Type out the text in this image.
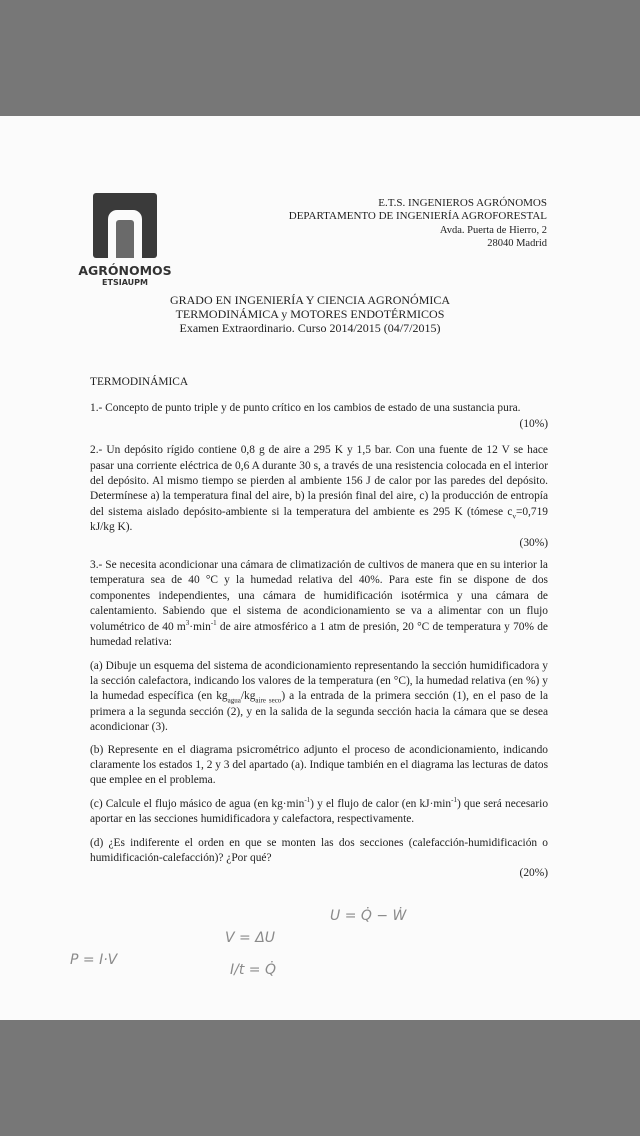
AGRÓNOMOS
ETSIAUPM
E.T.S. INGENIEROS AGRÓNOMOS
DEPARTAMENTO DE INGENIERÍA AGROFORESTAL
Avda. Puerta de Hierro, 2
28040 Madrid
GRADO EN INGENIERÍA Y CIENCIA AGRONÓMICA
TERMODINÁMICA y MOTORES ENDOTÉRMICOS
Examen Extraordinario. Curso 2014/2015 (04/7/2015)
TERMODINÁMICA
1.- Concepto de punto triple y de punto crítico en los cambios de estado de una sustancia pura.
(10%)
2.- Un depósito rígido contiene 0,8 g de aire a 295 K y 1,5 bar. Con una fuente de 12 V se hace pasar una corriente eléctrica de 0,6 A durante 30 s, a través de una resistencia colocada en el interior del depósito. Al mismo tiempo se pierden al ambiente 156 J de calor por las paredes del depósito. Determínese a) la temperatura final del aire, b) la presión final del aire, c) la producción de entropía del sistema aislado depósito-ambiente si la temperatura del ambiente es 295 K (tómese $c_v=0,719$ kJ/kg K).
(30%)
3.- Se necesita acondicionar una cámara de climatización de cultivos de manera que en su interior la temperatura sea de 40 °C y la humedad relativa del 40%. Para este fin se dispone de dos componentes independientes, una cámara de humidificación isotérmica y una cámara de calentamiento. Sabiendo que el sistema de acondicionamiento se va a alimentar con un flujo volumétrico de 40 $m^3\cdot\min^{-1}$ de aire atmosférico a 1 atm de presión, 20 °C de temperatura y 70% de humedad relativa:
(a) Dibuje un esquema del sistema de acondicionamiento representando la sección humidificadora y la sección calefactora, indicando los valores de la temperatura (en °C), la humedad relativa (en %) y la humedad específica (en $kg_{agua}/kg_{aire seco}$) a la entrada de la primera sección (1), en el paso de la primera a la segunda sección (2), y en la salida de la segunda sección hacia la cámara que se desea acondicionar (3).
(b) Represente en el diagrama psicrométrico adjunto el proceso de acondicionamiento, indicando claramente los estados 1, 2 y 3 del apartado (a). Indique también en el diagrama las lecturas de datos que emplee en el problema.
(c) Calcule el flujo másico de agua (en $kg\cdot\min^{-1}$) y el flujo de calor (en $kJ\cdot\min^{-1}$) que será necesario aportar en las secciones humidificadora y calefactora, respectivamente.
(d) ¿Es indiferente el orden en que se monten las dos secciones (calefacción-humidificación o humidificación-calefacción)? ¿Por qué?
(20%)
P = I·V
V = ΔU
U = Q̇ − Ẇ
I/t = Q̇
